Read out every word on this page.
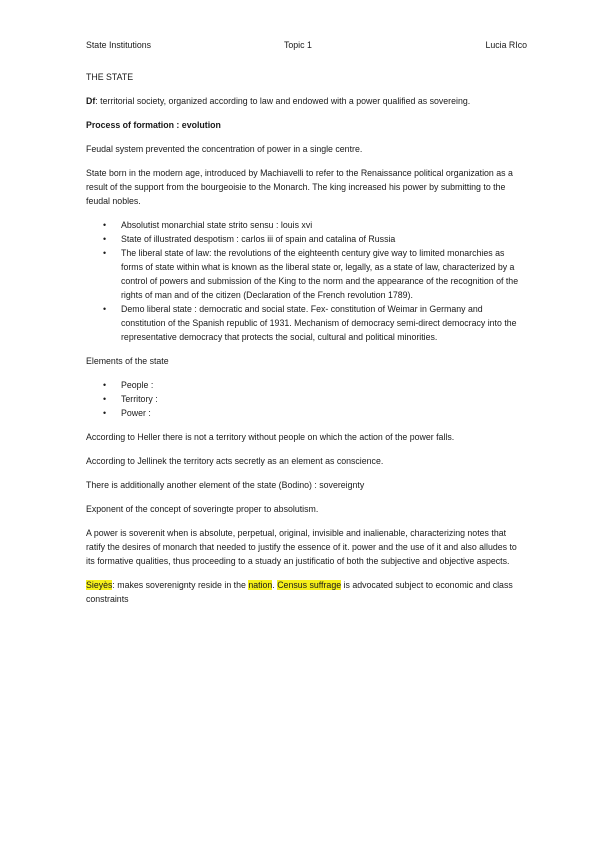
State Institutions	Topic 1	Lucia RIco

THE STATE

Df: territorial society, organized according to law and endowed with a power qualified as sovereing.

Process of formation : evolution

Feudal system prevented the concentration of power in a single centre.

State born in the modern age, introduced by Machiavelli to refer to the Renaissance political organization as a result of the support from the bourgeoisie to the Monarch. The king increased his power by submitting to the feudal nobles.

• Absolutist monarchial state strito sensu : louis xvi
• State of illustrated despotism : carlos iii of spain and catalina of Russia
• The liberal state of law: the revolutions of the eighteenth century give way to limited monarchies as forms of state within what is known as the liberal state or, legally, as a state of law, characterized by a control of powers and submission of the King to the norm and the appearance of the recognition of the rights of man and of the citizen (Declaration of the French revolution 1789).
• Demo liberal state : democratic and social state. Fex- constitution of Weimar in Germany and constitution of the Spanish republic of 1931. Mechanism of democracy semi-direct democracy into the representative democracy that protects the social, cultural and political minorities.

Elements of the state

• People :
• Territory :
• Power :

According to Heller there is not a territory without people on which the action of the power falls.

According to Jellinek the territory acts secretly as an element as conscience.

There is additionally another element of the state (Bodino) : sovereignty

Exponent of the concept of soveringte proper to absolutism.

A power is soverenit when is absolute, perpetual, original, invisible and inalienable, characterizing notes that ratify the desires of monarch that needed to justify the essence of it. power and the use of it and also alludes to its formative qualities, thus proceeding to a stuady an justificatio of both the subjective and objective aspects.

Sieyès: makes soverenignty reside in the nation. Census suffrage is advocated subject to economic and class constraints
